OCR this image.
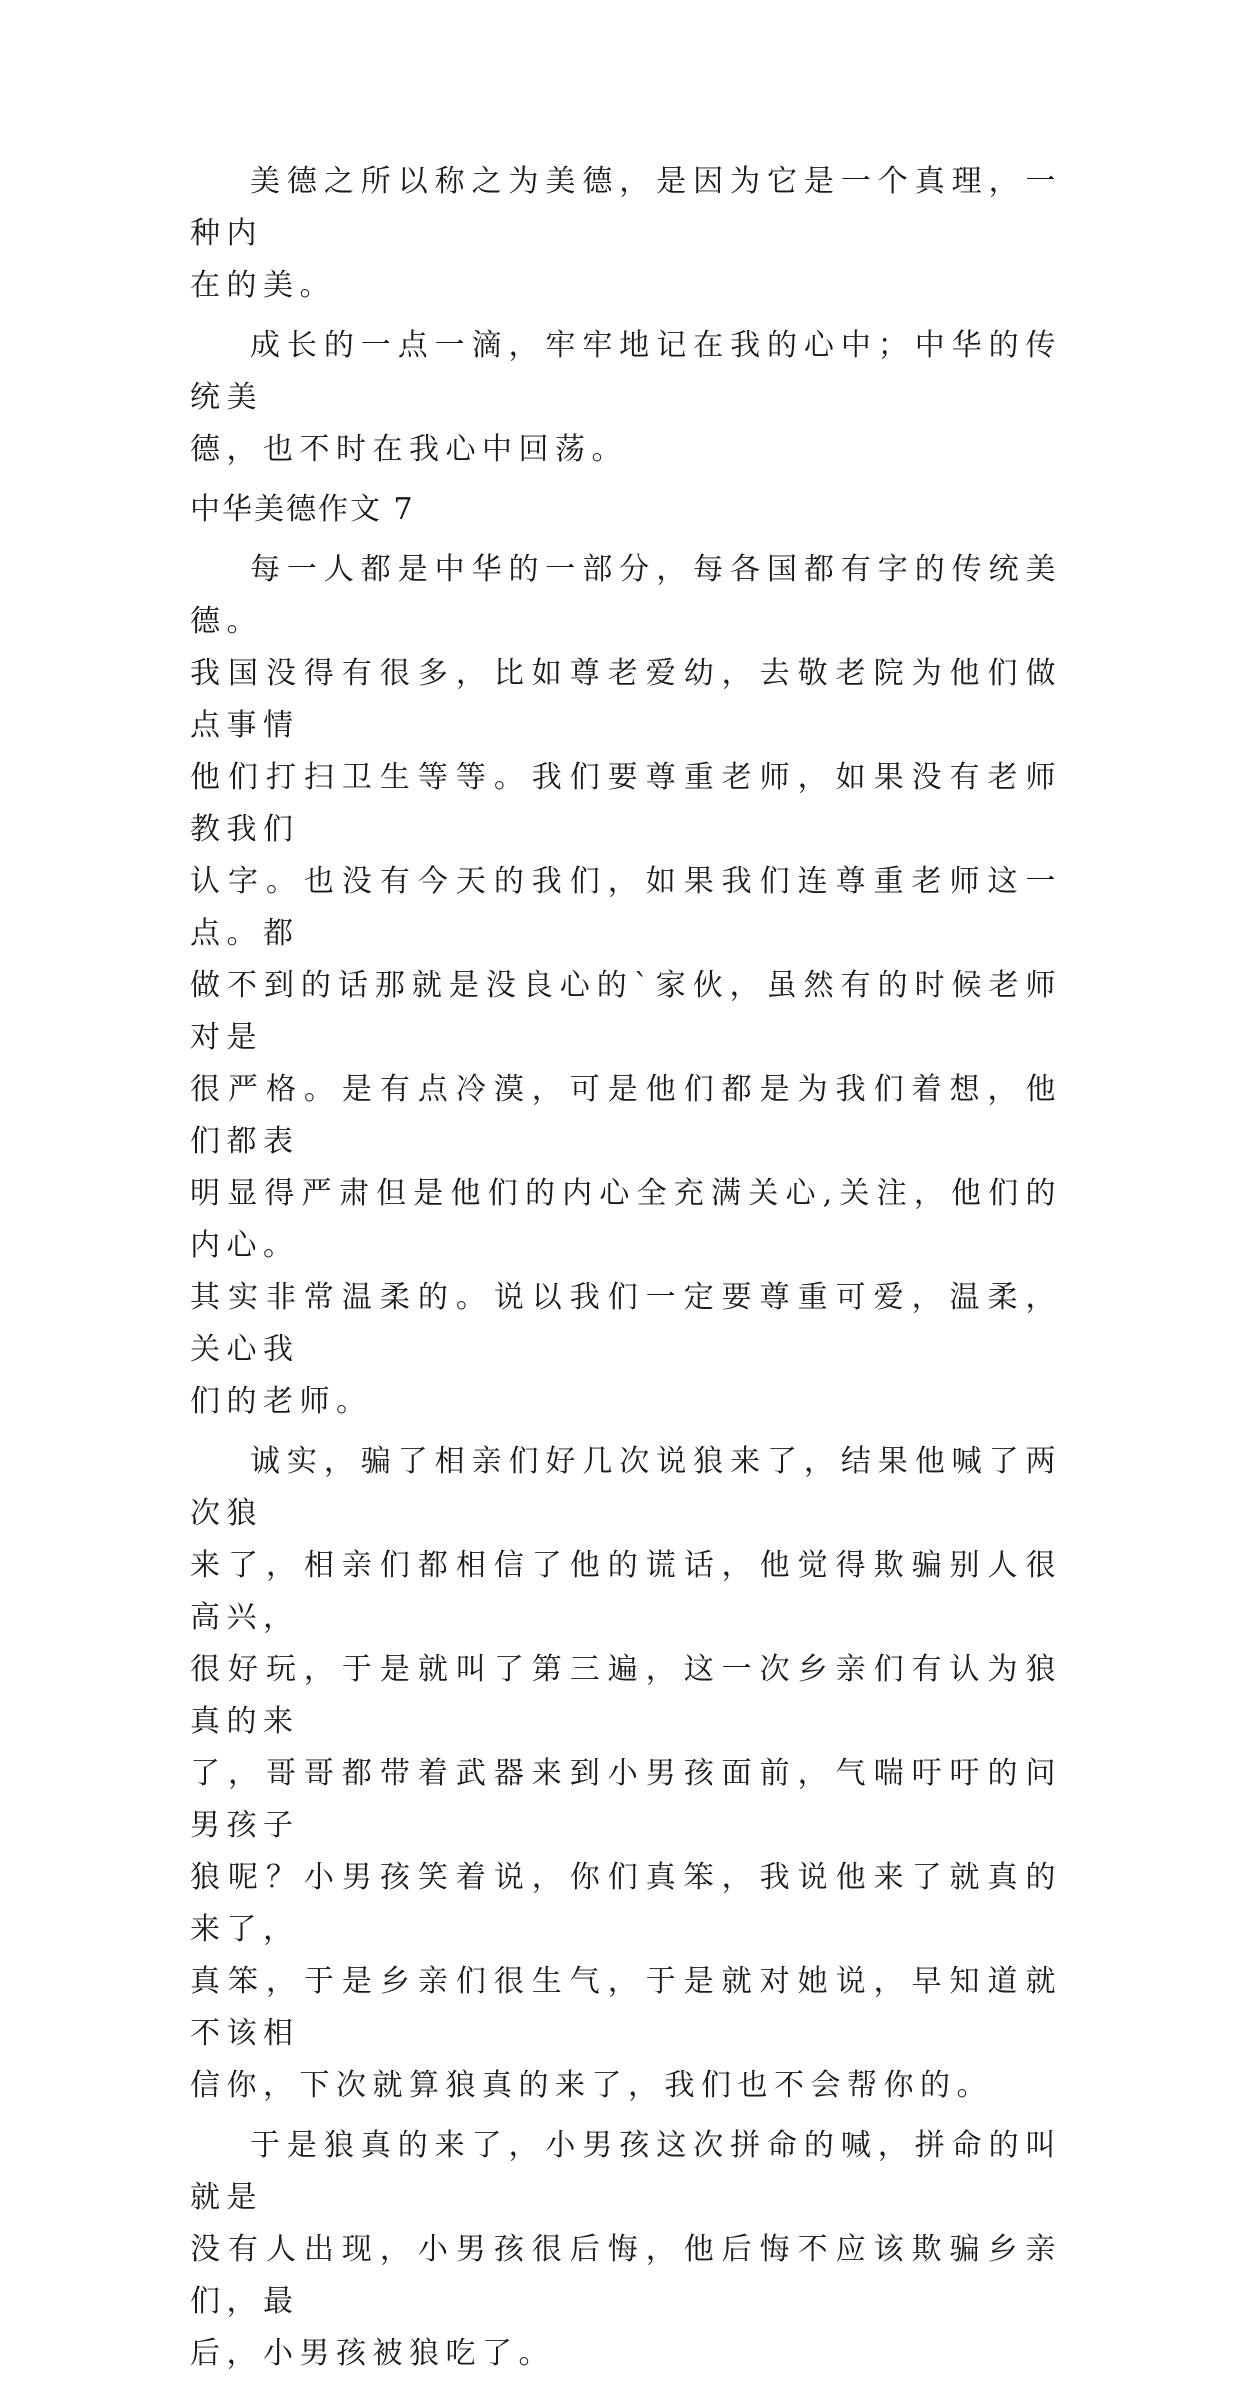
美德之所以称之为美德，是因为它是一个真理，一种内
在的美。

成长的一点一滴，牢牢地记在我的心中；中华的传统美
德，也不时在我心中回荡。

中华美德作文 7

每一人都是中华的一部分，每各国都有字的传统美德。
我国没得有很多，比如尊老爱幼，去敬老院为他们做点事情
他们打扫卫生等等。我们要尊重老师，如果没有老师教我们
认字。也没有今天的我们，如果我们连尊重老师这一点。都
做不到的话那就是没良心的`家伙，虽然有的时候老师对是
很严格。是有点冷漠，可是他们都是为我们着想，他们都表
明显得严肃但是他们的内心全充满关心,关注，他们的内心。
其实非常温柔的。说以我们一定要尊重可爱，温柔，关心我
们的老师。

诚实，骗了相亲们好几次说狼来了，结果他喊了两次狼
来了，相亲们都相信了他的谎话，他觉得欺骗别人很高兴，
很好玩，于是就叫了第三遍，这一次乡亲们有认为狼真的来
了，哥哥都带着武器来到小男孩面前，气喘吁吁的问男孩子
狼呢？小男孩笑着说，你们真笨，我说他来了就真的来了，
真笨，于是乡亲们很生气，于是就对她说，早知道就不该相
信你，下次就算狼真的来了，我们也不会帮你的。

于是狼真的来了，小男孩这次拼命的喊，拼命的叫就是
没有人出现，小男孩很后悔，他后悔不应该欺骗乡亲们，最
后，小男孩被狼吃了。
